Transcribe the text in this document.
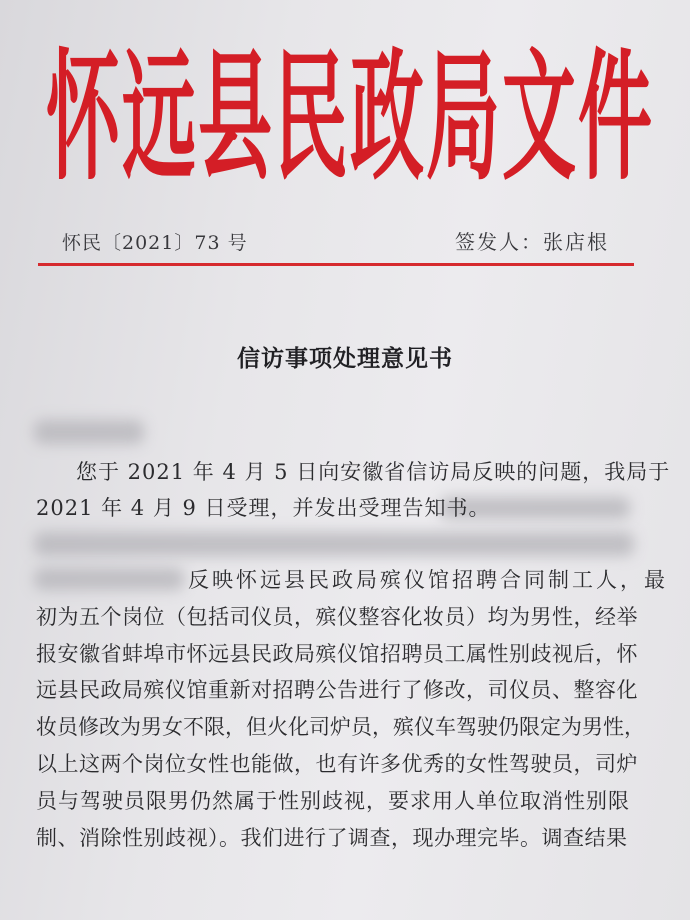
怀远县民政局文件
怀民〔2021〕73 号	签发人：张店根
信访事项处理意见书
您于 2021 年 4 月 5 日向安徽省信访局反映的问题，我局于
2021 年 4 月 9 日受理，并发出受理告知书。
反映怀远县民政局殡仪馆招聘合同制工人，最
初为五个岗位（包括司仪员，殡仪整容化妆员）均为男性，经举
报安徽省蚌埠市怀远县民政局殡仪馆招聘员工属性别歧视后，怀
远县民政局殡仪馆重新对招聘公告进行了修改，司仪员、整容化
妆员修改为男女不限，但火化司炉员，殡仪车驾驶仍限定为男性，
以上这两个岗位女性也能做，也有许多优秀的女性驾驶员，司炉
员与驾驶员限男仍然属于性别歧视，要求用人单位取消性别限
制、消除性别歧视）。我们进行了调查，现办理完毕。调查结果
